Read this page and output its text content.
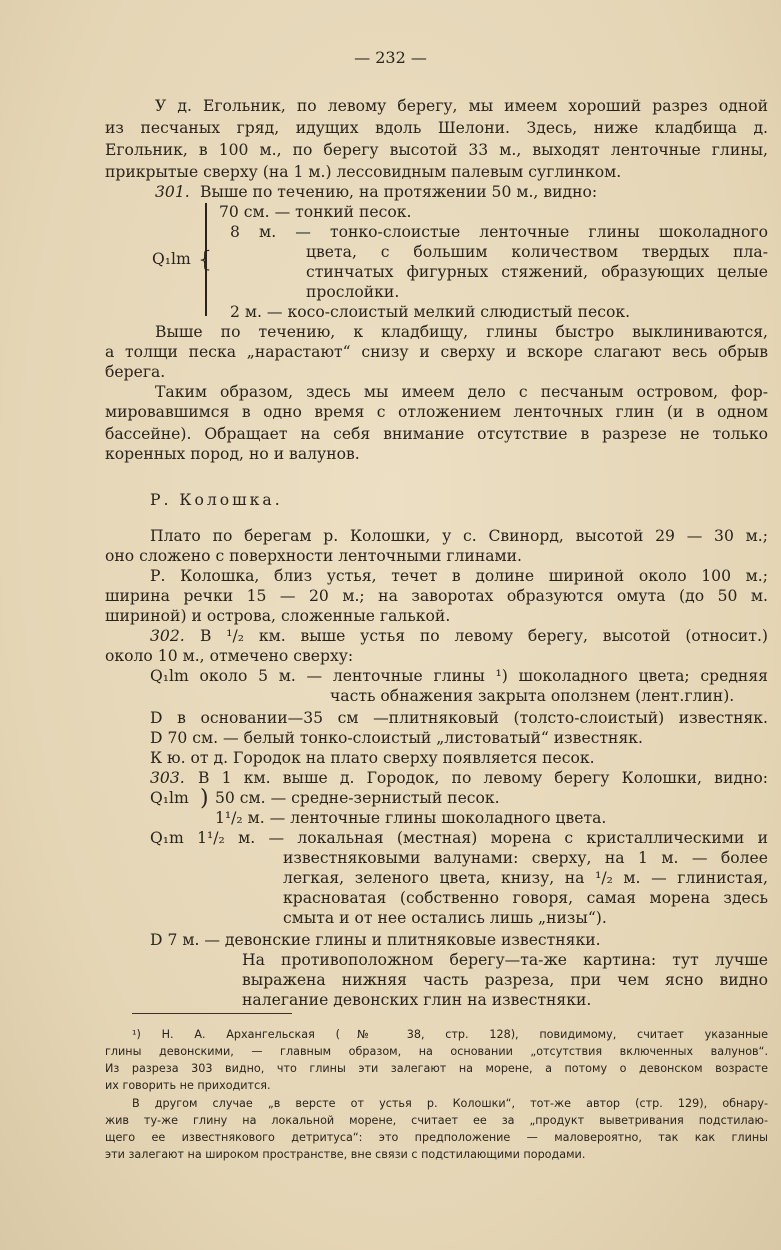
— 232 —
У д. Егольник, по левому берегу, мы имеем хороший разрез одной
из песчаных гряд, идущих вдоль Шелони. Здесь, ниже кладбища д.
Егольник, в 100 м., по берегу высотой 33 м., выходят ленточные глины,
прикрытые сверху (на 1 м.) лессовидным палевым суглинком.
301. Выше по течению, на протяжении 50 м., видно:
70 см. — тонкий песок.
8 м. — тонко-слоистые ленточные глины шоколадного
цвета, с большим количеством твердых пла-
стинчатых фигурных стяжений, образующих целые
прослойки.
2 м. — косо-слоистый мелкий слюдистый песок.
Выше по течению, к кладбищу, глины быстро выклиниваются,
а толщи песка „нарастают“ снизу и сверху и вскоре слагают весь обрыв
берега.
Таким образом, здесь мы имеем дело с песчаным островом, фор-
мировавшимся в одно время с отложением ленточных глин (и в одном
бассейне). Обращает на себя внимание отсутствие в разрезе не только
коренных пород, но и валунов.
Р. Колошка.
Плато по берегам р. Колошки, у с. Свинорд, высотой 29 — 30 м.;
оно сложено с поверхности ленточными глинами.
Р. Колошка, близ устья, течет в долине шириной около 100 м.;
ширина речки 15 — 20 м.; на заворотах образуются омута (до 50 м.
шириной) и острова, сложенные галькой.
302. В ¹/₂ км. выше устья по левому берегу, высотой (относит.)
около 10 м., отмечено сверху:
Q₁lm около 5 м. — ленточные глины ¹) шоколадного цвета; средняя
часть обнажения закрыта оползнем (лент.глин).
D в основании—35 см —плитняковый (толсто-слоистый) известняк.
D 70 см. — белый тонко-слоистый „листоватый“ известняк.
К ю. от д. Городок на плато сверху появляется песок.
303. В 1 км. выше д. Городок, по левому берегу Колошки, видно:
Q₁lm 50 см. — средне-зернистый песок.
1¹/₂ м. — ленточные глины шоколадного цвета.
Q₁m 1¹/₂ м. — локальная (местная) морена с кристаллическими и
известняковыми валунами: сверху, на 1 м. — более
легкая, зеленого цвета, книзу, на ¹/₂ м. — глинистая,
красноватая (собственно говоря, самая морена здесь
смыта и от нее остались лишь „низы“).
D 7 м. — девонские глины и плитняковые известняки.
На противоположном берегу—та-же картина: тут лучше
выражена нижняя часть разреза, при чем ясно видно
налегание девонских глин на известняки.
Q₁lm {
)
¹) Н. А. Архангельская (№ 38, стр. 128), повидимому, считает указанные
глины девонскими, — главным образом, на основании „отсутствия включенных валунов“.
Из разреза 303 видно, что глины эти залегают на морене, а потому о девонском возрасте
их говорить не приходится.
В другом случае „в версте от устья р. Колошки“, тот-же автор (стр. 129), обнару-
жив ту-же глину на локальной морене, считает ее за „продукт выветривания подстилаю-
щего ее известнякового детритуса“: это предположение — маловероятно, так как глины
эти залегают на широком пространстве, вне связи с подстилающими породами.
